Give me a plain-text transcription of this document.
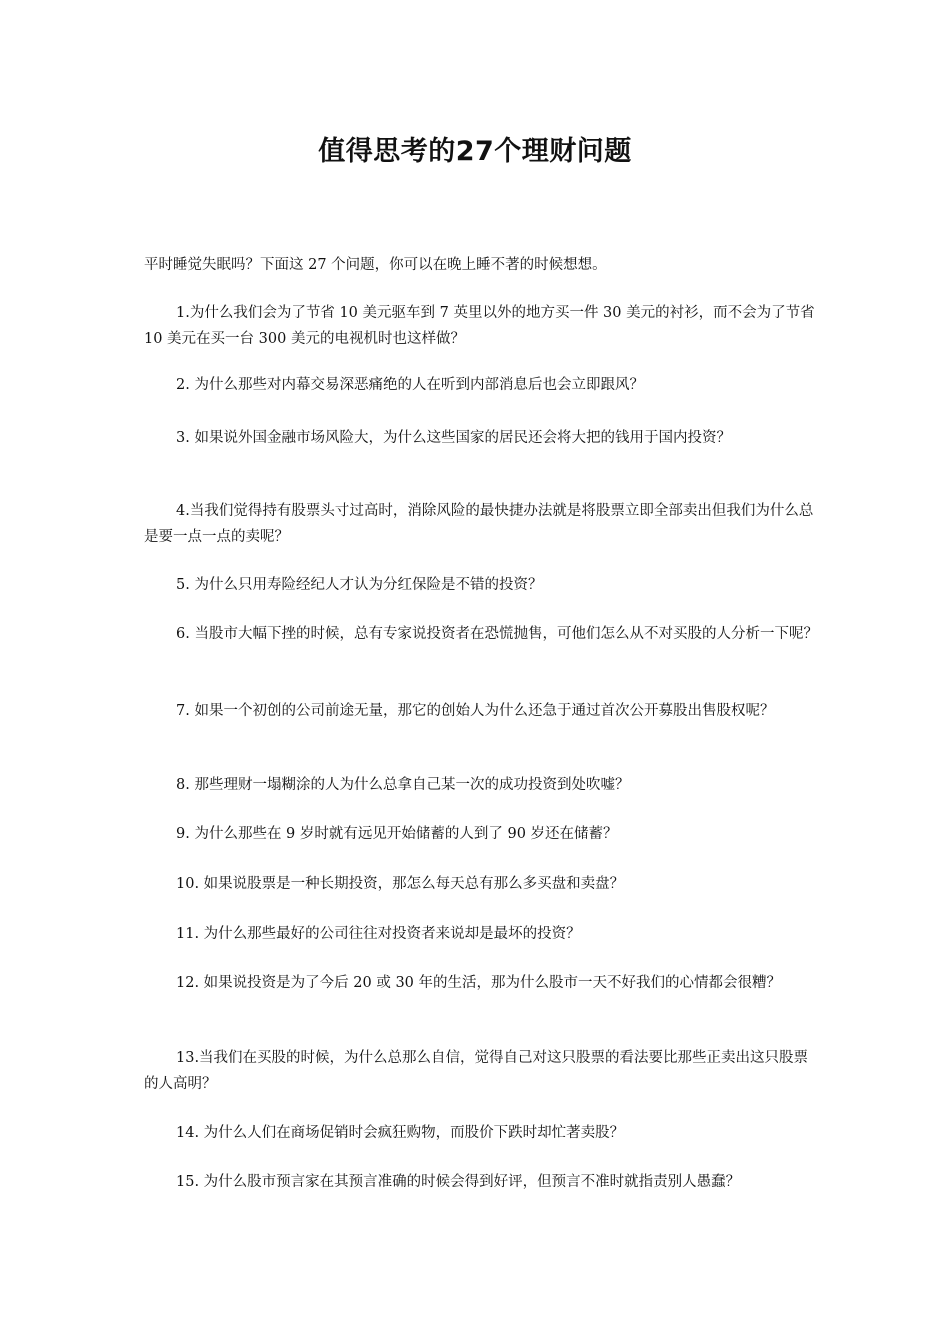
值得思考的27个理财问题
平时睡觉失眠吗？下面这 27 个问题，你可以在晚上睡不著的时候想想。

1.为什么我们会为了节省 10 美元驱车到 7 英里以外的地方买一件 30 美元的衬衫，而不会为了节省 10 美元在买一台 300 美元的电视机时也这样做？

2. 为什么那些对内幕交易深恶痛绝的人在听到内部消息后也会立即跟风？

3. 如果说外国金融市场风险大，为什么这些国家的居民还会将大把的钱用于国内投资？

4.当我们觉得持有股票头寸过高时，消除风险的最快捷办法就是将股票立即全部卖出但我们为什么总是要一点一点的卖呢？

5. 为什么只用寿险经纪人才认为分红保险是不错的投资？

6. 当股市大幅下挫的时候，总有专家说投资者在恐慌抛售，可他们怎么从不对买股的人分析一下呢？

7. 如果一个初创的公司前途无量，那它的创始人为什么还急于通过首次公开募股出售股权呢？

8. 那些理财一塌糊涂的人为什么总拿自己某一次的成功投资到处吹嘘？

9. 为什么那些在 9 岁时就有远见开始储蓄的人到了 90 岁还在储蓄？

10. 如果说股票是一种长期投资，那怎么每天总有那么多买盘和卖盘？

11. 为什么那些最好的公司往往对投资者来说却是最坏的投资？

12. 如果说投资是为了今后 20 或 30 年的生活，那为什么股市一天不好我们的心情都会很糟？

13.当我们在买股的时候，为什么总那么自信，觉得自己对这只股票的看法要比那些正卖出这只股票的人高明？

14. 为什么人们在商场促销时会疯狂购物，而股价下跌时却忙著卖股？

15. 为什么股市预言家在其预言准确的时候会得到好评，但预言不准时就指责别人愚蠢？
